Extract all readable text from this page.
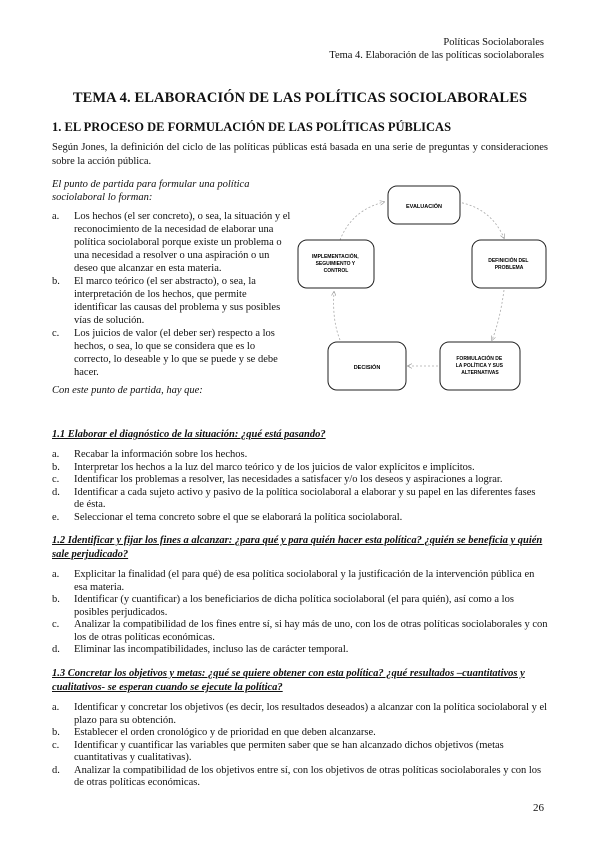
Políticas Sociolaborales
Tema 4. Elaboración de las políticas sociolaborales
TEMA 4. ELABORACIÓN DE LAS POLÍTICAS SOCIOLABORALES
1. EL PROCESO DE FORMULACIÓN DE LAS POLÍTICAS PÚBLICAS
Según Jones, la definición del ciclo de las políticas públicas está basada en una serie de preguntas y consideraciones sobre la acción pública.
El punto de partida para formular una política sociolaboral lo forman:
a. Los hechos (el ser concreto), o sea, la situación y el reconocimiento de la necesidad de elaborar una política sociolaboral porque existe un problema o una necesidad a resolver o una aspiración o un deseo que alcanzar en esta materia.
b. El marco teórico (el ser abstracto), o sea, la interpretación de los hechos, que permite identificar las causas del problema y sus posibles vías de solución.
c. Los juicios de valor (el deber ser) respecto a los hechos, o sea, lo que se considera que es lo correcto, lo deseable y lo que se puede y se debe hacer.
Con este punto de partida, hay que:
EVALUACIÓN
DEFINICIÓN DEL PROBLEMA
FORMULACIÓN DE LA POLÍTICA Y SUS ALTERNATIVAS
DECISIÓN
IMPLEMENTACIÓN, SEGUIMIENTO Y CONTROL
1.1 Elaborar el diagnóstico de la situación: ¿qué está pasando?
a. Recabar la información sobre los hechos.
b. Interpretar los hechos a la luz del marco teórico y de los juicios de valor explícitos e implícitos.
c. Identificar los problemas a resolver, las necesidades a satisfacer y/o los deseos y aspiraciones a lograr.
d. Identificar a cada sujeto activo y pasivo de la política sociolaboral a elaborar y su papel en las diferentes fases de ésta.
e. Seleccionar el tema concreto sobre el que se elaborará la política sociolaboral.
1.2 Identificar y fijar los fines a alcanzar: ¿para qué y para quién hacer esta política? ¿quién se beneficia y quién sale perjudicado?
a. Explicitar la finalidad (el para qué) de esa política sociolaboral y la justificación de la intervención pública en esa materia.
b. Identificar (y cuantificar) a los beneficiarios de dicha política sociolaboral (el para quién), así como a los posibles perjudicados.
c. Analizar la compatibilidad de los fines entre sí, si hay más de uno, con los de otras políticas sociolaborales y con los de otras políticas económicas.
d. Eliminar las incompatibilidades, incluso las de carácter temporal.
1.3 Concretar los objetivos y metas: ¿qué se quiere obtener con esta política? ¿qué resultados –cuantitativos y cualitativos- se esperan cuando se ejecute la política?
a. Identificar y concretar los objetivos (es decir, los resultados deseados) a alcanzar con la política sociolaboral y el plazo para su obtención.
b. Establecer el orden cronológico y de prioridad en que deben alcanzarse.
c. Identificar y cuantificar las variables que permiten saber que se han alcanzado dichos objetivos (metas cuantitativas y cualitativas).
d. Analizar la compatibilidad de los objetivos entre sí, con los objetivos de otras políticas sociolaborales y con los de otras políticas económicas.
26
